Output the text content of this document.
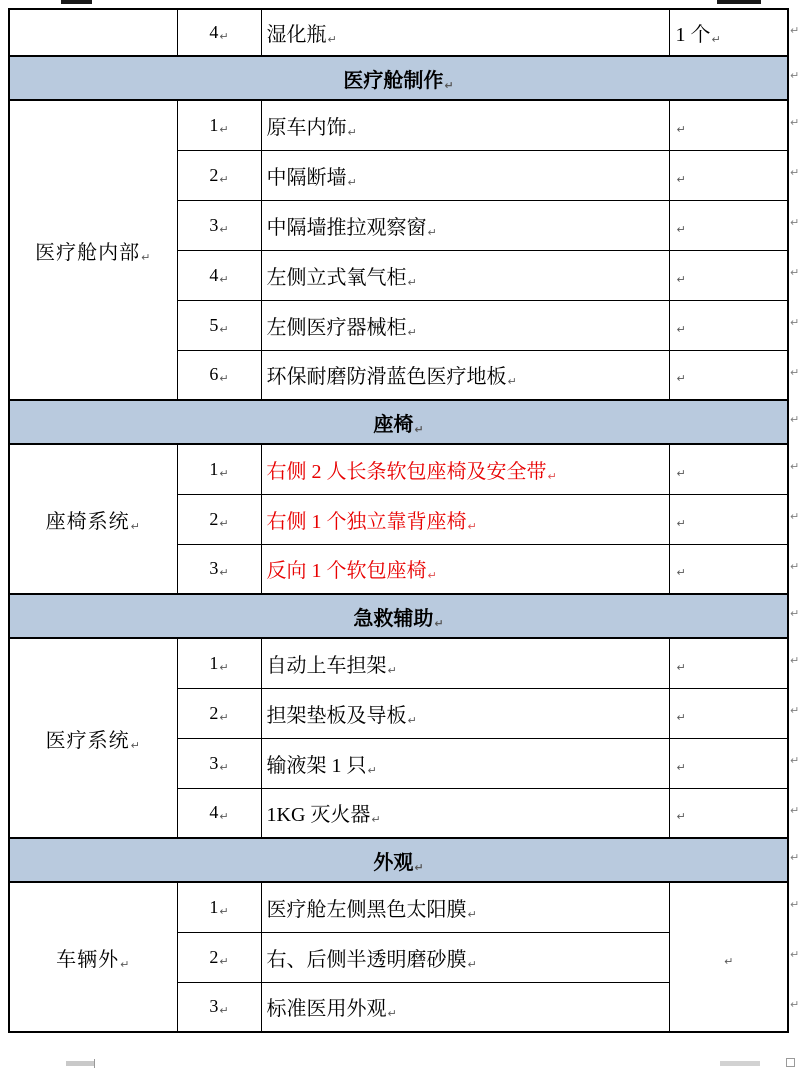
	4↵	湿化瓶↵	1 个↵
医疗舱制作↵			
医疗舱内部↵	1↵	原车内饰↵	↵
	2↵	中隔断墙↵	↵
	3↵	中隔墙推拉观察窗↵	↵
	4↵	左侧立式氧气柜↵	↵
	5↵	左侧医疗器械柜↵	↵
	6↵	环保耐磨防滑蓝色医疗地板↵	↵
座椅↵			
座椅系统↵	1↵	右侧 2 人长条软包座椅及安全带↵	↵
	2↵	右侧 1 个独立靠背座椅↵	↵
	3↵	反向 1 个软包座椅↵	↵
急救辅助↵			
医疗系统↵	1↵	自动上车担架↵	↵
	2↵	担架垫板及导板↵	↵
	3↵	输液架 1 只↵	↵
	4↵	1KG 灭火器↵	↵
外观↵			
车辆外↵	1↵	医疗舱左侧黑色太阳膜↵	↵
	2↵	右、后侧半透明磨砂膜↵	
	3↵	标准医用外观↵	
↵
↵
↵
↵
↵
↵
↵
↵
↵
↵
↵
↵
↵
↵
↵
↵
↵
↵
↵
↵
↵
